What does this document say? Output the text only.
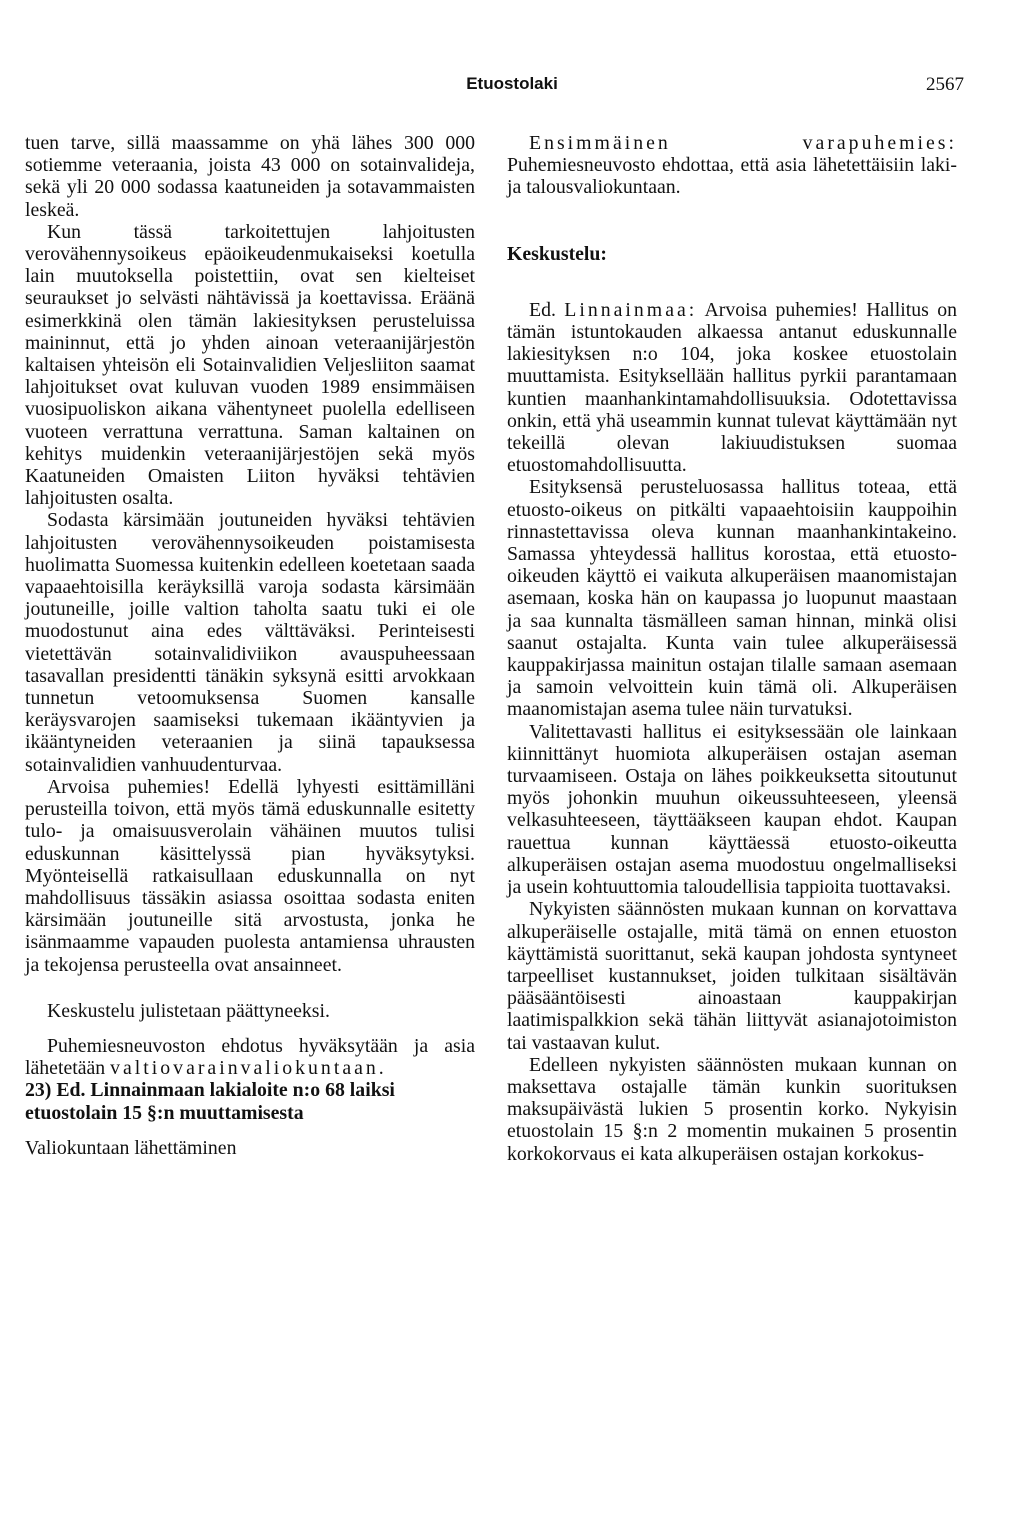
Etuostolaki	2567

tuen tarve, sillä maassamme on yhä lähes 300 000 sotiemme veteraania, joista 43 000 on sotainvalideja, sekä yli 20 000 sodassa kaatuneiden ja sotavammaisten leskeä.

Kun tässä tarkoitettujen lahjoitusten verovähennysoikeus epäoikeudenmukaiseksi koetulla lain muutoksella poistettiin, ovat sen kielteiset seuraukset jo selvästi nähtävissä ja koettavissa. Eräänä esimerkkinä olen tämän lakiesityksen perusteluissa maininnut, että jo yhden ainoan veteraanijärjestön kaltaisen yhteisön eli Sotainvalidien Veljesliiton saamat lahjoitukset ovat kuluvan vuoden 1989 ensimmäisen vuosipuoliskon aikana vähentyneet puolella edelliseen vuoteen verrattuna verrattuna. Saman kaltainen on kehitys muidenkin veteraanijärjestöjen sekä myös Kaatuneiden Omaisten Liiton hyväksi tehtävien lahjoitusten osalta.

Sodasta kärsimään joutuneiden hyväksi tehtävien lahjoitusten verovähennysoikeuden poistamisesta huolimatta Suomessa kuitenkin edelleen koetetaan saada vapaaehtoisilla keräyksillä varoja sodasta kärsimään joutuneille, joille valtion taholta saatu tuki ei ole muodostunut aina edes välttäväksi. Perinteisesti vietettävän sotainvalidiviikon avauspuheessaan tasavallan presidentti tänäkin syksynä esitti arvokkaan tunnetun vetoomuksensa Suomen kansalle keräysvarojen saamiseksi tukemaan ikääntyvien ja ikääntyneiden veteraanien ja siinä tapauksessa sotainvalidien vanhuudenturvaa.

Arvoisa puhemies! Edellä lyhyesti esittämilläni perusteilla toivon, että myös tämä eduskunnalle esitetty tulo- ja omaisuusverolain vähäinen muutos tulisi eduskunnan käsittelyssä pian hyväksytyksi. Myönteisellä ratkaisullaan eduskunnalla on nyt mahdollisuus tässäkin asiassa osoittaa sodasta eniten kärsimään joutuneille sitä arvostusta, jonka he isänmaamme vapauden puolesta antamiensa uhrausten ja tekojensa perusteella ovat ansainneet.

Keskustelu julistetaan päättyneeksi.

Puhemiesneuvoston ehdotus hyväksytään ja asia lähetetään valtiovarainvaliokuntaan.

23) Ed. Linnainmaan lakialoite n:o 68 laiksi etuostolain 15 §:n muuttamisesta

Valiokuntaan lähettäminen

Ensimmäinen varapuhemies: Puhemiesneuvosto ehdottaa, että asia lähetettäisiin laki- ja talousvaliokuntaan.

Keskustelu:

Ed. Linnainmaa: Arvoisa puhemies! Hallitus on tämän istuntokauden alkaessa antanut eduskunnalle lakiesityksen n:o 104, joka koskee etuostolain muuttamista. Esityksellään hallitus pyrkii parantamaan kuntien maanhankintamahdollisuuksia. Odotettavissa onkin, että yhä useammin kunnat tulevat käyttämään nyt tekeillä olevan lakiuudistuksen suomaa etuostomahdollisuutta.

Esityksensä perusteluosassa hallitus toteaa, että etuosto-oikeus on pitkälti vapaaehtoisiin kauppoihin rinnastettavissa oleva kunnan maanhankintakeino. Samassa yhteydessä hallitus korostaa, että etuosto-oikeuden käyttö ei vaikuta alkuperäisen maanomistajan asemaan, koska hän on kaupassa jo luopunut maastaan ja saa kunnalta täsmälleen saman hinnan, minkä olisi saanut ostajalta. Kunta vain tulee alkuperäisessä kauppakirjassa mainitun ostajan tilalle samaan asemaan ja samoin velvoittein kuin tämä oli. Alkuperäisen maanomistajan asema tulee näin turvatuksi.

Valitettavasti hallitus ei esityksessään ole lainkaan kiinnittänyt huomiota alkuperäisen ostajan aseman turvaamiseen. Ostaja on lähes poikkeuksetta sitoutunut myös johonkin muuhun oikeussuhteeseen, yleensä velkasuhteeseen, täyttääkseen kaupan ehdot. Kaupan rauettua kunnan käyttäessä etuosto-oikeutta alkuperäisen ostajan asema muodostuu ongelmalliseksi ja usein kohtuuttomia taloudellisia tappioita tuottavaksi.

Nykyisten säännösten mukaan kunnan on korvattava alkuperäiselle ostajalle, mitä tämä on ennen etuoston käyttämistä suorittanut, sekä kaupan johdosta syntyneet tarpeelliset kustannukset, joiden tulkitaan sisältävän pääsääntöisesti ainoastaan kauppakirjan laatimispalkkion sekä tähän liittyvät asianajotoimiston tai vastaavan kulut.

Edelleen nykyisten säännösten mukaan kunnan on maksettava ostajalle tämän kunkin suorituksen maksupäivästä lukien 5 prosentin korko. Nykyisin etuostolain 15 §:n 2 momentin mukainen 5 prosentin korkokorvaus ei kata alkuperäisen ostajan korkokus-
